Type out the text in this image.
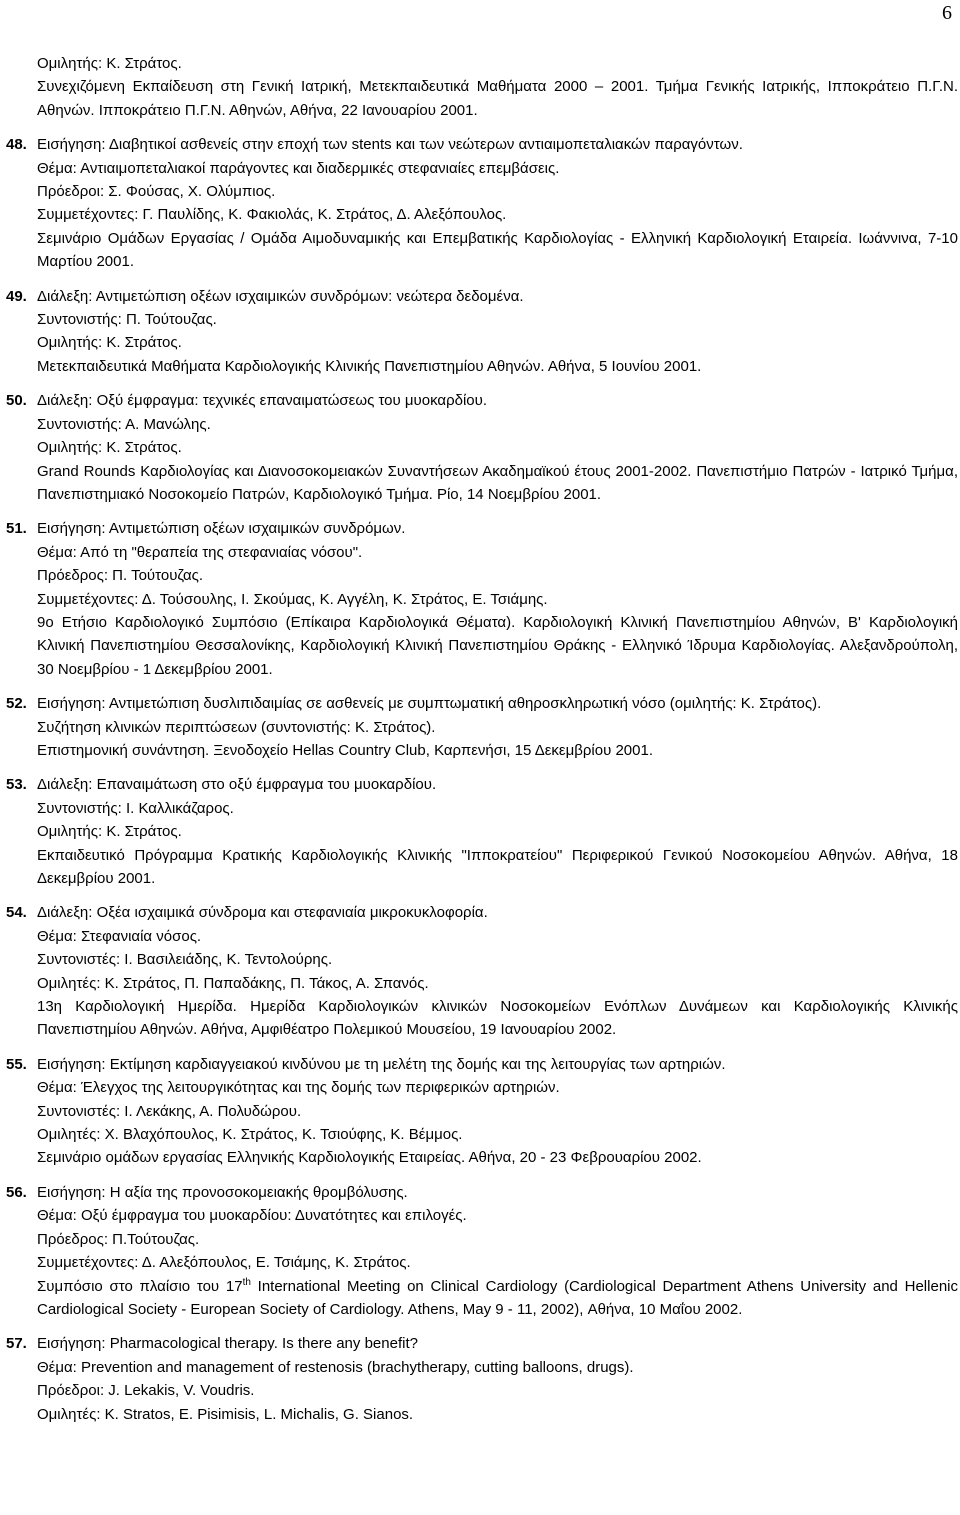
6
Ομιλητής: Κ. Στράτος.
Συνεχιζόμενη Εκπαίδευση στη Γενική Ιατρική, Μετεκπαιδευτικά Μαθήματα 2000 – 2001. Τμήμα Γενικής Ιατρικής, Ιπποκράτειο Π.Γ.Ν. Αθηνών. Ιπποκράτειο Π.Γ.Ν. Αθηνών, Αθήνα, 22 Ιανουαρίου 2001.
48. Εισήγηση: Διαβητικοί ασθενείς στην εποχή των stents και των νεώτερων αντιαιμοπεταλιακών παραγόντων.
Θέμα: Αντιαιμοπεταλιακοί παράγοντες και διαδερμικές στεφανιαίες επεμβάσεις.
Πρόεδροι: Σ. Φούσας, Χ. Ολύμπιος.
Συμμετέχοντες: Γ. Παυλίδης, Κ. Φακιολάς, Κ. Στράτος, Δ. Αλεξόπουλος.
Σεμινάριο Ομάδων Εργασίας / Ομάδα Αιμοδυναμικής και Επεμβατικής Καρδιολογίας - Ελληνική Καρδιολογική Εταιρεία. Ιωάννινα, 7-10 Μαρτίου 2001.
49. Διάλεξη: Αντιμετώπιση οξέων ισχαιμικών συνδρόμων: νεώτερα δεδομένα.
Συντονιστής: Π. Τούτουζας.
Ομιλητής: Κ. Στράτος.
Μετεκπαιδευτικά Μαθήματα Καρδιολογικής Κλινικής Πανεπιστημίου Αθηνών. Αθήνα, 5 Ιουνίου 2001.
50. Διάλεξη: Οξύ έμφραγμα: τεχνικές επαναιματώσεως του μυοκαρδίου.
Συντονιστής: Α. Μανώλης.
Ομιλητής: Κ. Στράτος.
Grand Rounds Καρδιολογίας και Διανοσοκομειακών Συναντήσεων Ακαδημαϊκού έτους 2001-2002. Πανεπιστήμιο Πατρών - Ιατρικό Τμήμα, Πανεπιστημιακό Νοσοκομείο Πατρών, Καρδιολογικό Τμήμα. Ρίο, 14 Νοεμβρίου 2001.
51. Εισήγηση: Αντιμετώπιση οξέων ισχαιμικών συνδρόμων.
Θέμα: Από τη "θεραπεία της στεφανιαίας νόσου".
Πρόεδρος: Π. Τούτουζας.
Συμμετέχοντες: Δ. Τούσουλης, Ι. Σκούμας, Κ. Αγγέλη, Κ. Στράτος, Ε. Τσιάμης.
9ο Ετήσιο Καρδιολογικό Συμπόσιο (Επίκαιρα Καρδιολογικά Θέματα). Καρδιολογική Κλινική Πανεπιστημίου Αθηνών, Β' Καρδιολογική Κλινική Πανεπιστημίου Θεσσαλονίκης, Καρδιολογική Κλινική Πανεπιστημίου Θράκης - Ελληνικό Ίδρυμα Καρδιολογίας. Αλεξανδρούπολη, 30 Νοεμβρίου - 1 Δεκεμβρίου 2001.
52. Εισήγηση: Αντιμετώπιση δυσλιπιδαιμίας σε ασθενείς με συμπτωματική αθηροσκληρωτική νόσο (ομιλητής: Κ. Στράτος).
Συζήτηση κλινικών περιπτώσεων (συντονιστής: Κ. Στράτος).
Επιστημονική συνάντηση. Ξενοδοχείο Hellas Country Club, Καρπενήσι, 15 Δεκεμβρίου 2001.
53. Διάλεξη: Επαναιμάτωση στο οξύ έμφραγμα του μυοκαρδίου.
Συντονιστής: Ι. Καλλικάζαρος.
Ομιλητής: Κ. Στράτος.
Εκπαιδευτικό Πρόγραμμα Κρατικής Καρδιολογικής Κλινικής "Ιπποκρατείου" Περιφερικού Γενικού Νοσοκομείου Αθηνών. Αθήνα, 18 Δεκεμβρίου 2001.
54. Διάλεξη: Οξέα ισχαιμικά σύνδρομα και στεφανιαία μικροκυκλοφορία.
Θέμα: Στεφανιαία νόσος.
Συντονιστές: Ι. Βασιλειάδης, Κ. Τεντολούρης.
Ομιλητές: Κ. Στράτος, Π. Παπαδάκης, Π. Τάκος, Α. Σπανός.
13η Καρδιολογική Ημερίδα. Ημερίδα Καρδιολογικών κλινικών Νοσοκομείων Ενόπλων Δυνάμεων και Καρδιολογικής Κλινικής Πανεπιστημίου Αθηνών. Αθήνα, Αμφιθέατρο Πολεμικού Μουσείου, 19 Ιανουαρίου 2002.
55. Εισήγηση: Εκτίμηση καρδιαγγειακού κινδύνου με τη μελέτη της δομής και της λειτουργίας των αρτηριών.
Θέμα: Έλεγχος της λειτουργικότητας και της δομής των περιφερικών αρτηριών.
Συντονιστές: Ι. Λεκάκης, Α. Πολυδώρου.
Ομιλητές: Χ. Βλαχόπουλος, Κ. Στράτος, Κ. Τσιούφης, Κ. Βέμμος.
Σεμινάριο ομάδων εργασίας Ελληνικής Καρδιολογικής Εταιρείας. Αθήνα, 20 - 23 Φεβρουαρίου 2002.
56. Εισήγηση: Η αξία της προνοσοκομειακής θρομβόλυσης.
Θέμα: Οξύ έμφραγμα του μυοκαρδίου: Δυνατότητες και επιλογές.
Πρόεδρος: Π.Τούτουζας.
Συμμετέχοντες: Δ. Αλεξόπουλος, Ε. Τσιάμης, Κ. Στράτος.
Συμπόσιο στο πλαίσιο του 17th International Meeting on Clinical Cardiology (Cardiological Department Athens University and Hellenic Cardiological Society - European Society of Cardiology. Athens, May 9 - 11, 2002), Αθήνα, 10 Μαΐου 2002.
57. Εισήγηση: Pharmacological therapy. Is there any benefit?
Θέμα: Prevention and management of restenosis (brachytherapy, cutting balloons, drugs).
Πρόεδροι: J. Lekakis, V. Voudris.
Ομιλητές: K. Stratos, E. Pisimisis, L. Michalis, G. Sianos.
